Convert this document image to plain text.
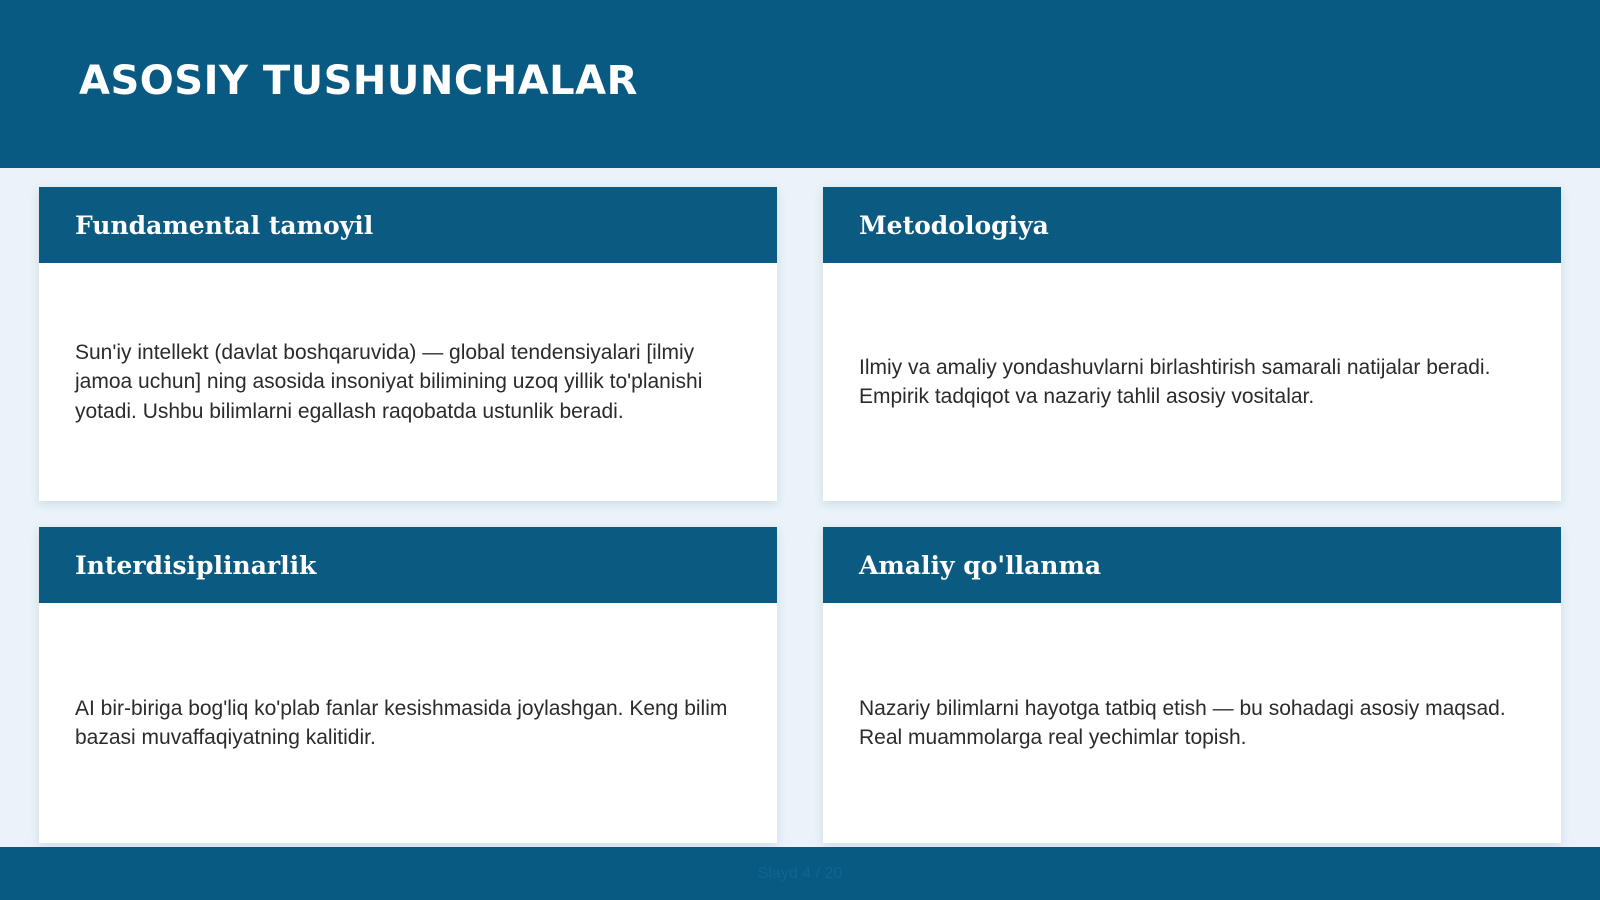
ASOSIY TUSHUNCHALAR
Fundamental tamoyil

Sun'iy intellekt (davlat boshqaruvida) — global tendensiyalari [ilmiy jamoa uchun] ning asosida insoniyat bilimining uzoq yillik to'planishi yotadi. Ushbu bilimlarni egallash raqobatda ustunlik beradi.

Metodologiya

Ilmiy va amaliy yondashuvlarni birlashtirish samarali natijalar beradi. Empirik tadqiqot va nazariy tahlil asosiy vositalar.

Interdisiplinarlik

AI bir-biriga bog'liq ko'plab fanlar kesishmasida joylashgan. Keng bilim bazasi muvaffaqiyatning kalitidir.

Amaliy qo'llanma

Nazariy bilimlarni hayotga tatbiq etish — bu sohadagi asosiy maqsad. Real muammolarga real yechimlar topish.

Slayd 4 / 20
